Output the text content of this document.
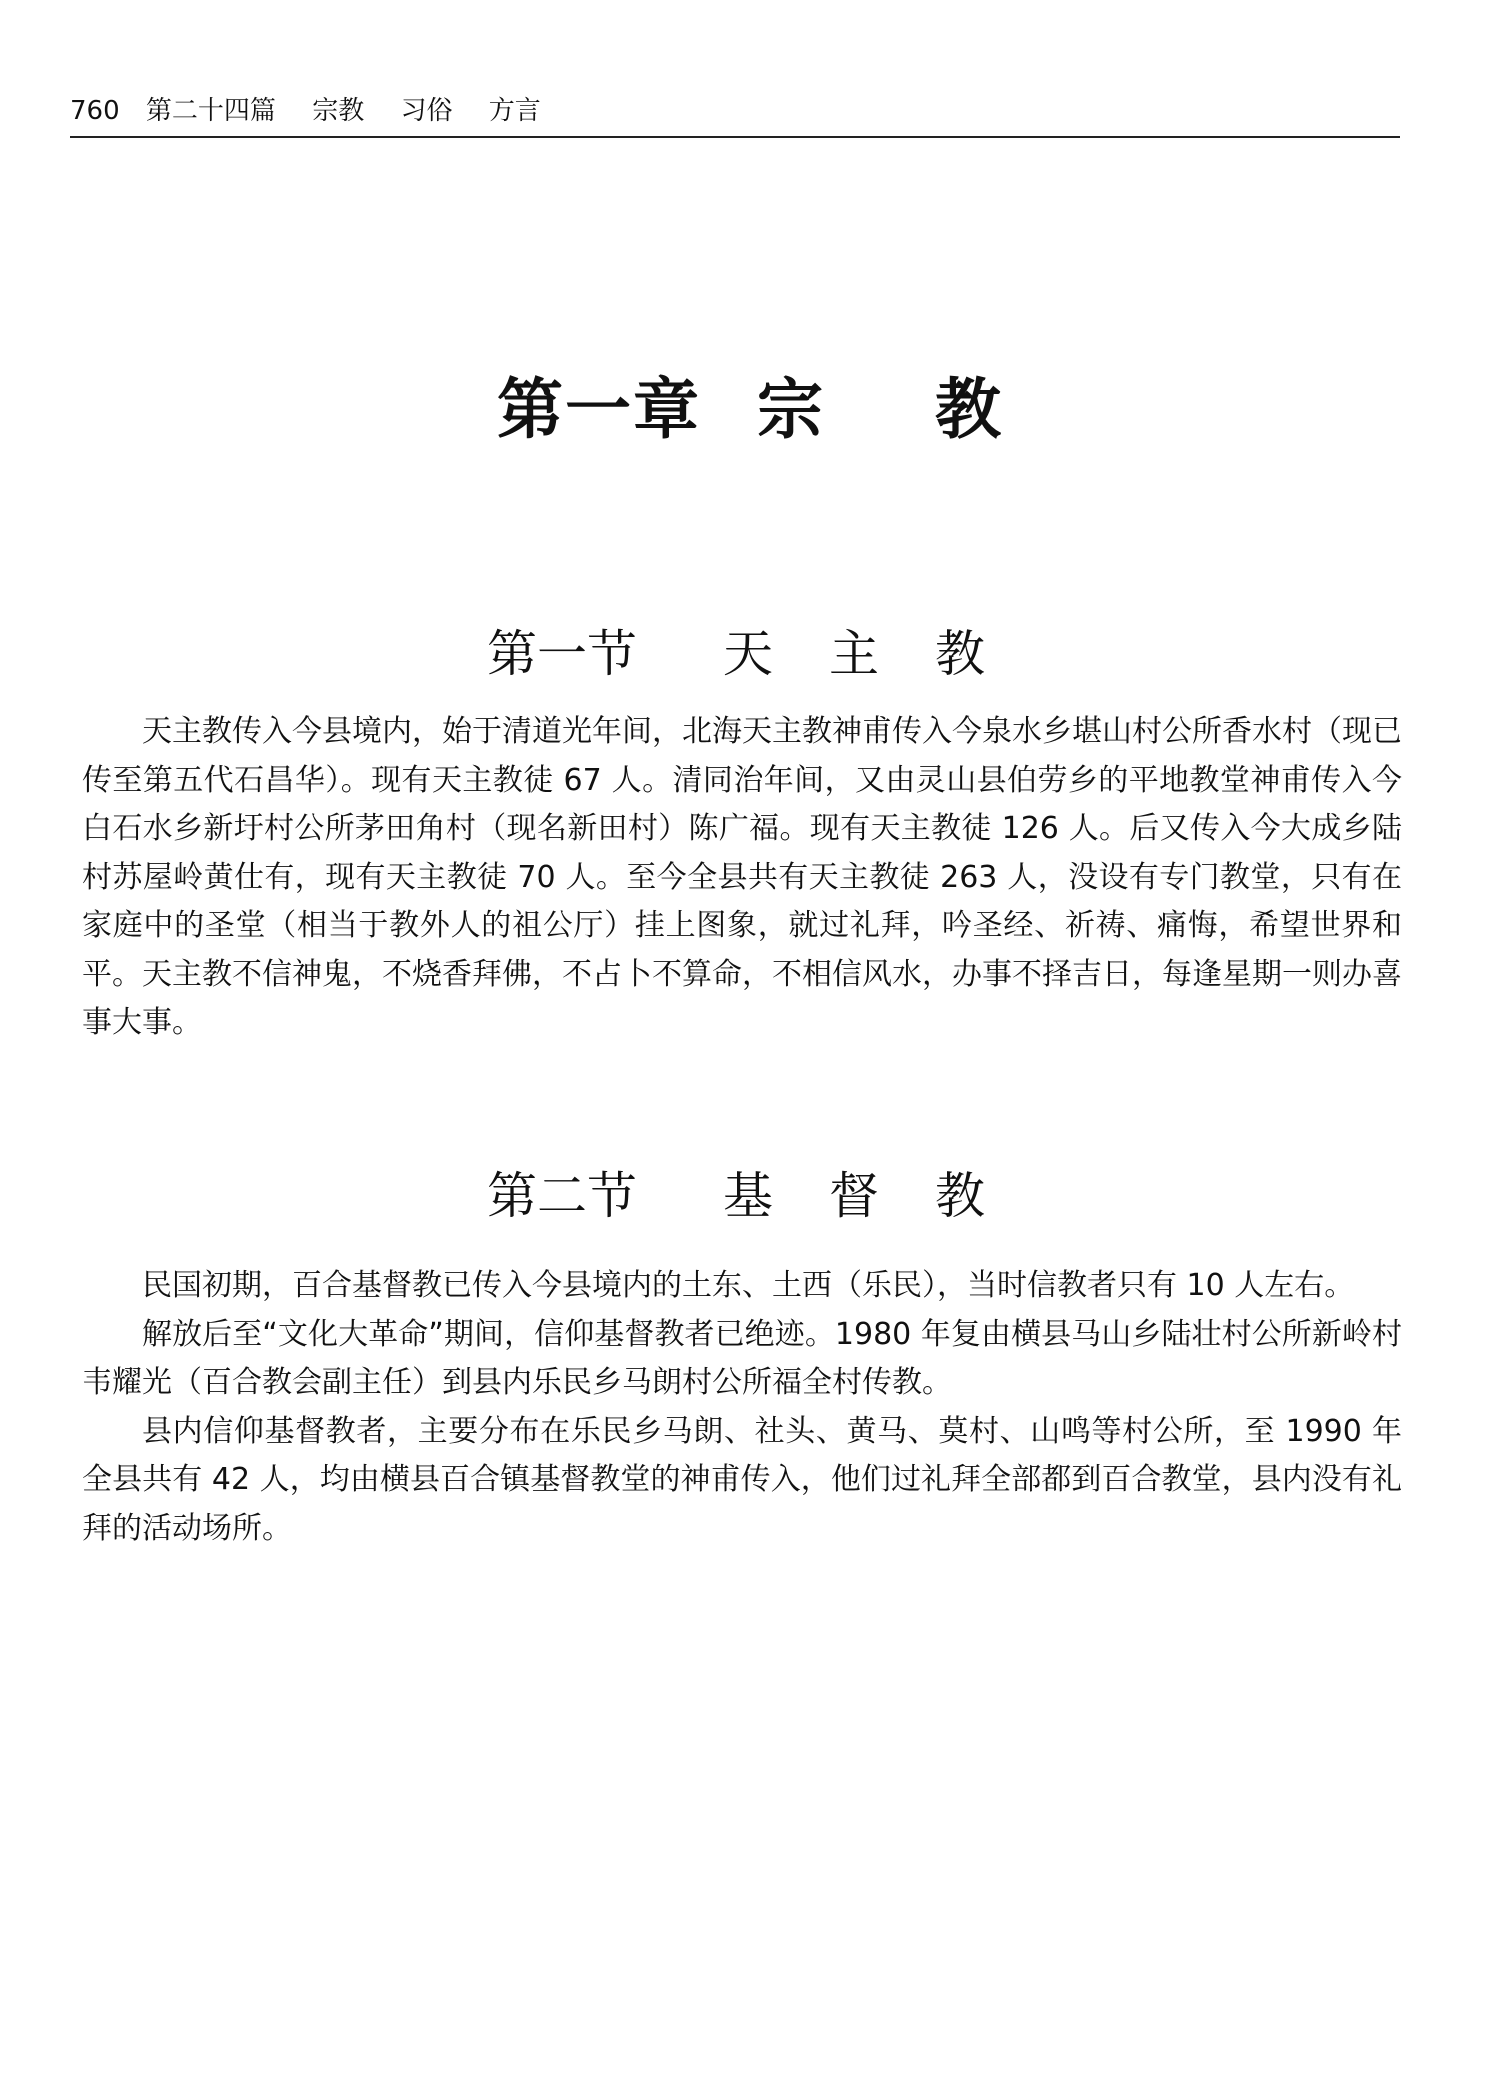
760 第二十四篇 宗教 习俗 方言
第一章 宗 教
第一节 天 主 教

天主教传入今县境内，始于清道光年间，北海天主教神甫传入今泉水乡堪山村公所香水村（现已传至第五代石昌华）。现有天主教徒 67 人。清同治年间，又由灵山县伯劳乡的平地教堂神甫传入今白石水乡新圩村公所茅田角村（现名新田村）陈广福。现有天主教徒 126 人。后又传入今大成乡陆村苏屋岭黄仕有，现有天主教徒 70 人。至今全县共有天主教徒 263 人，没设有专门教堂，只有在家庭中的圣堂（相当于教外人的祖公厅）挂上图象，就过礼拜，吟圣经、祈祷、痛悔，希望世界和平。天主教不信神鬼，不烧香拜佛，不占卜不算命，不相信风水，办事不择吉日，每逢星期一则办喜事大事。

第二节 基 督 教

民国初期，百合基督教已传入今县境内的土东、土西（乐民），当时信教者只有 10 人左右。

解放后至“文化大革命”期间，信仰基督教者已绝迹。1980 年复由横县马山乡陆壮村公所新岭村韦耀光（百合教会副主任）到县内乐民乡马朗村公所福全村传教。

县内信仰基督教者，主要分布在乐民乡马朗、社头、黄马、莫村、山鸣等村公所，至 1990 年全县共有 42 人，均由横县百合镇基督教堂的神甫传入，他们过礼拜全部都到百合教堂，县内没有礼拜的活动场所。
